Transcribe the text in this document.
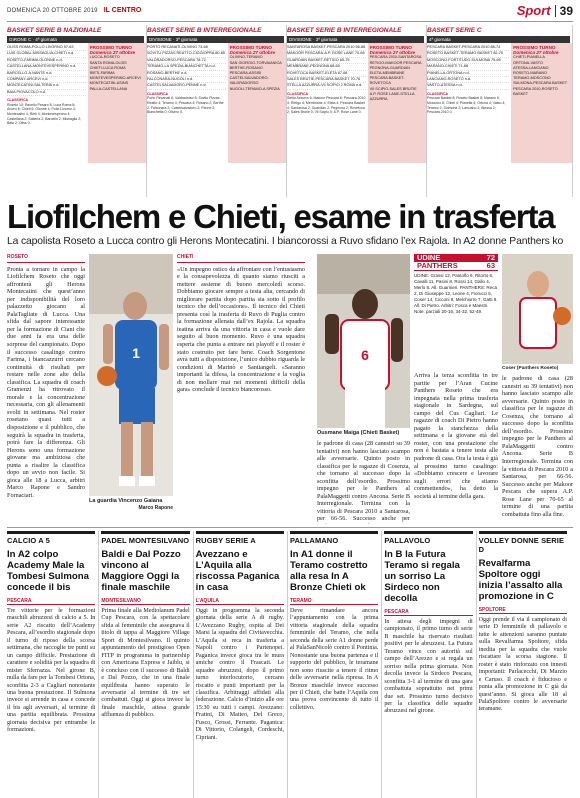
DOMENICA 20 OTTOBRE 2019 IL CENTRO	Sport 39
BASKET SERIE B NAZIONALE
GIRONE C · 4ª giornata
OLISS ROMA-POLLO LIVORNO 57-63
LUIS GLOBAL MISSAGLIA-CHIETI n.d.
ROSETO-FARIMA OLONNE n.d.
CASTELLANA-MONTEVESPERINO n.d.
BARCELLO-A.NANTE n.d.
COMPANY-ARCEVI n.d.
MONTECATINI-SALTERIA n.d.
BAIA PIOVACOLO n.d.
CLASSIFICA
Roseto 10; Ravello Pesaro 8; Luca Roma 8; Arcevi 6; Chieti 6; Olonne 4; Pollo Livorno 4; Montecatini 4; Rieti 4; Montevesperino 4; Castellana 2; Salteria 2; Barcello 2; Missaglia 2; Baia 2; Oliss 0.
PROSSIMO TURNO
Domenica 27 ottobre
LUCCA-ROSETO
SANTA ROMA-OLISS
CHIETI-LUCA ROMA
RIETI-FARIMA
MONTEVESPERINO-ARCEVI
MONTECATINI-ASINS
PALLA-CASTELLANA
BASKET SERIE B INTERREGIONALE
DIVISIONE · 3ª giornata
PORTO RECANATI-OLIVINO 73-68
SOVITU PIZZAS REATTO-CIGGIOPRA 80-65
VALDRADORSO-PESCARA 78-72
TERAMO-LA SPEZIA-BIANCHETTA n.d.
ROSANO-BERTHE n.d.
FALCONARA-NUGOLI n.d.
CASTELSALVADORO-PENNE n.d.
CLASSIFICA
Porto Recanati 6; Valdradorso 6; Sovitu Pizzas Reatto 4; Teramo 4; Pescara 4; Rosano 2; Berthe 2; Falconara 2; Castelsalvadoro 2; Penne 2; Bianchetta 0; Olivino 0.
PROSSIMO TURNO
Domenica 27 ottobre
OLIVINO-TERAMO
SAN GIORGIO-TORVAIANICA
BERTHE-ROSANO
PESCARA-ASSISI
CASTELSALVADORO-VALDRADORSO
NUGOLI-TERAMO-A SPEZIA
BASKET SERIE B INTERREGIONALE
DIVISIONE · 3ª giornata
SANTAROSA BASKET-PESCARA 2010 56-66
MAKOOR PESCARA-A.P. ROSE LANE 70-65
GUARDIAN BASKET-RETIGO 65-75
MEMBRANE-PEGNONA 68-65
ROVETOCA BASKET-ELETA 67-68
SALES BRUTIE-PESCARA BASKET 70-76
STELLA AZZURRA-VII SCIPIO 2 ROMA n.d.
CLASSIFICA
Stella Azzurra 6; Makoor Pescara 6; Pescara 2010 4; Retigo 4; Membrane 4; Eleta 4; Pescara Basket 4; Santarosa 2; Guardian 2; Pegnona 2; Rovetoca 2; Sales Brutie 0; Vii Scipio 0; A.P. Rose Lane 0.
PROSSIMO TURNO
Domenica 27 ottobre
PESCARA 2010-SANTAROSA
RETIGO-MAKOOR PESCARA
PEGNONA-GUARDIAN
ELETA-MEMBRANE
PESCARA BASKET-ROVETOCA
VII SCIPIO-SALES BRUTIE
A.P. ROSE LANE-STELLA AZZURRA
BASKET SERIE C
4ª giornata
PESCARA BASKET-PESCARA 2010 88-74
ROSETO BASKET-TERAMO BASKET 82-70
MOSCONO-FORTITUDO SULMONA 75-65
MARANO-CHIETI 71-68
PIANELLA-ORTONA n.d.
LANCIANO-ROSETO n.d.
VASTO-ATESSA n.d.
CLASSIFICA
Pescara Basket 8; Roseto Basket 8; Marano 6; Moscono 6; Chieti 4; Pianella 4; Ortona 4; Vasto 4; Teramo 2; Sulmona 2; Lanciano 2; Atessa 2; Pescara 2010 0.
PROSSIMO TURNO
Domenica 27 ottobre
CHIETI-PIANELLA
ORTONA-VASTO
ATESSA-LANCIANO
ROSETO-MARANO
TERAMO-MOSCONO
SULMONA-PESCARA BASKET
PESCARA 2010-ROSETO BASKET
Liofilchem e Chieti, esame in trasferta
La capolista Roseto a Lucca contro gli Herons Montecatini. I biancorossi a Ruvo sfidano l’ex Rajola. In A2 donne Panthers ko
ROSETO
Pronta a tornare in campo la Liofilchem Roseto che oggi affronterà gli Herons Montecatini che quest’anno per indisponibilità del loro palazzetto giocano al PalaTagliate di Lucca. Una sfida dal sapore interessante per la formazione di Ciani che due anni fa era una delle sorprese del campionato. Dopo il successo casalingo contro Farima, i biancazzurri cercano continuità di risultati per restare nelle zone alte della classifica. La squadra di coach Gramenzi ha ritrovato il morale e la concentrazione necessaria, con gli allenamenti svolti in settimana. Nel roster rosetano quasi tutti a disposizione e il pubblico, che seguirà la squadra in trasferta, potrà fare la differenza. Gli Herons sono una formazione giovane ma ambiziosa che punta a risalire la classifica dopo un avvio non facile. Si gioca alle 18 a Lucca, arbitri Marco Rapone e Sandro Fornaciari.
1
La guardia Vincenzo Gaiana
Marco Rapone
CHIETI
«Un impegno ostico da affrontare con l’entusiasmo e la consapevolezza di quanto siamo riusciti a mettere assieme di buono mercoledì scorso. Dobbiamo giocare sempre a testa alta, cercando di migliorare partita dopo partita sia sotto il profilo tecnico che dell’occasione». Il tecnico del Chieti presenta così la trasferta di Ruvo di Puglia contro la formazione allenata dall’ex Rajola. La squadra teatina arriva da una vittoria in casa e vuole dare seguito al buon momento. Ruvo è una squadra esperta che punta a entrare nei playoff e il roster è stato costruito per fare bene. Coach Sorgentone avrà tutti a disposizione, l’unico dubbio riguarda le condizioni di Marinò e Santiangeli. «Saranno importanti la difesa, la concentrazione e la voglia di non mollare mai nei momenti difficili della gara» conclude il tecnico biancorosso.
6
Ousmane Maiga (Chieti Basket)
le padrone di casa (28 canestri su 39 tentativi) non hanno lasciato scampo alle avversarie. Quinto posto in classifica per le ragazze di Cosenza, che tornano al successo dopo la sconfitta dell’esordio. Prossimo impegno per le Panthers al PalaMaggetti contro Ancona. Serie B Interregionale. Termina con la vittoria di Pescara 2010 a Santarosa, per 66-56. Successo anche per
UDINE	72
PANTHERS	63
UDINE: Grassi 12, Pantolfo 9, Ritorto 6, Cavalli 11, Pasini 8, Rossi 14, Gallo 4, Merlo 8. All. Guarnieri. PANTHERS: Reca 2, Di Giuseppe 12, Leone 4, Fiorucci 6, Coser 14, Cicconi 9, Melchiorre 7, Gatti 9. All. Di Pietro. Arbitri: Fosca e Maestri. Note: parziali 20-16, 34-32, 52-49.
Arriva la terza sconfitta in tre partite per l’Aran Cucine Panthers Roseto che era impegnata nella prima trasferta stagionale in Sardegna, sul campo del Cus Cagliari. Le ragazze di coach Di Pietro hanno pagato la stanchezza della settimana e la giovane età del roster, con una prestazione che non è bastata a tenere testa alle padrone di casa. Ora la testa è già al prossimo turno casalingo: «Dobbiamo crescere e lavorare sugli errori che stiamo commettendo», ha detto la società al termine della gara.
Coser (Panthers Roseto)
le padrone di casa (28 canestri su 39 tentativi) non hanno lasciato scampo alle avversarie. Quinto posto in classifica per le ragazze di Cosenza, che tornano al successo dopo la sconfitta dell’esordio. Prossimo impegno per le Panthers al PalaMaggetti contro Ancona. Serie B Interregionale. Termina con la vittoria di Pescara 2010 a Santarosa, per 66-56. Successo anche per Makoor Pescara che supera A.P. Rose Lane per 70-65 al termine di una partita combattuta fino alla fine.
CALCIO A 5
In A2 colpo Academy Male la Tombesi Sulmona concede il bis
PESCARA
Tre vittorie per le formazioni maschili abruzzesi di calcio a 5. In serie A2 riscatto dell’Academy Pescara, all’esordio stagionale dopo il turno di riposo della scorsa settimana, che raccoglie tre punti su un campo difficile. Prestazione di carattere e solidità per la squadra di mister Sferrazza. Nel girone B, nulla da fare per la Tombesi Ortona, sconfitta 2-3 a Cagliari nonostante una buona prestazione. Il Sulmona invece si arrende in casa e concede il bis agli avversari, al termine di una partita equilibrata. Prossima giornata decisiva per entrambe le formazioni.
PADEL MONTESILVANO
Baldi e Dal Pozzo vincono al Maggiore Oggi la finale maschile
MONTESILVANO
Prima finale alla Mediolanum Padel Cup Pescara, con la spettacolare sfida al femminile che assegnava il titolo di tappa al Maggiore Village Sport di Montesilvano. Il quinto appuntamento del prestigioso Open FITP in programma in partnership con Americana Express e Jaiblu, si è concluso con il successo di Baldi e Dal Pozzo, che in una finale equilibrata hanno superato le avversarie al termine di tre set combattuti. Oggi si gioca invece la finale maschile, attesa grande affluenza di pubblico.
RUGBY SERIE A
Avezzano e L’Aquila alla riscossa Paganica in casa
L’AQUILA
Oggi in programma la seconda giornata della serie A di rugby. L’Avezzano Rugby, ospita al Dei Marsi la squadra del Civitavecchia. L’Aquila si reca in trasferta a Napoli contro i Partenopei. Paganica invece gioca tra le mura amiche contro il Frascati. Le squadre abruzzesi, dopo il primo turno interlocutorio, cercano riscatto e punti importanti per la classifica. Arbitraggi affidati alla federazione. Calcio d’inizio alle ore 15:30 su tutti i campi. Avezzano: Fratini, Di Matteo, Del Greco, Fusco, Grossi, Ferrante. Paganica: Di Vittorio, Colangeli, Cordeschi, Cipriani.
PALLAMANO
In A1 donne il Teramo costretto alla resa In A Bronze Chieti ok
TERAMO
Deve rimandare ancora l’appuntamento con la prima vittoria stagionale della squadra femminile del Teramo, che nella seconda della serie A1 donne perde al PalaSanNicolò contro il Pontinia. Nonostante una buona partenza e il supporto del pubblico, le teramane non sono riuscite a tenere il ritmo delle avversarie nella ripresa. In A Bronze maschile invece successo per il Chieti, che batte l’Aquila con una prova convincente di tutto il collettivo.
PALLAVOLO
In B la Futura Teramo si regala un sorriso La Sirdeco non decolla
PESCARA
In attesa degli impegni di campionato, il primo turno di serie B maschile ha riservato risultati positivi per le abruzzesi. La Futura Teramo vince con autorità sul campo dell’Arezzo e si regala un sorriso nella prima giornata. Non decolla invece la Sirdeco Pescara, sconfitta 3-1 al termine di una gara combattuta soprattutto nei primi due set. Prossimo turno decisivo per la classifica delle squadre abruzzesi nel girone.
VOLLEY DONNE SERIE D
Revalfarma Spoltore oggi inizia l’assalto alla promozione in C
SPOLTORE
Oggi prende il via il campionato di serie D femminile di pallavolo e tutte le attenzioni saranno puntate sulla Revalfarma Spoltore, sfida inedita per la squadra che vuole riscattare la scorsa stagione. Il roster è stato rinforzato con innesti importanti: Parlacecchi, Di Marzio e Caruso. Il coach è fiducioso e punta alla promozione in C già da quest’anno. Si gioca alle 18 al PalaSpoltore contro le avversarie teramane.
